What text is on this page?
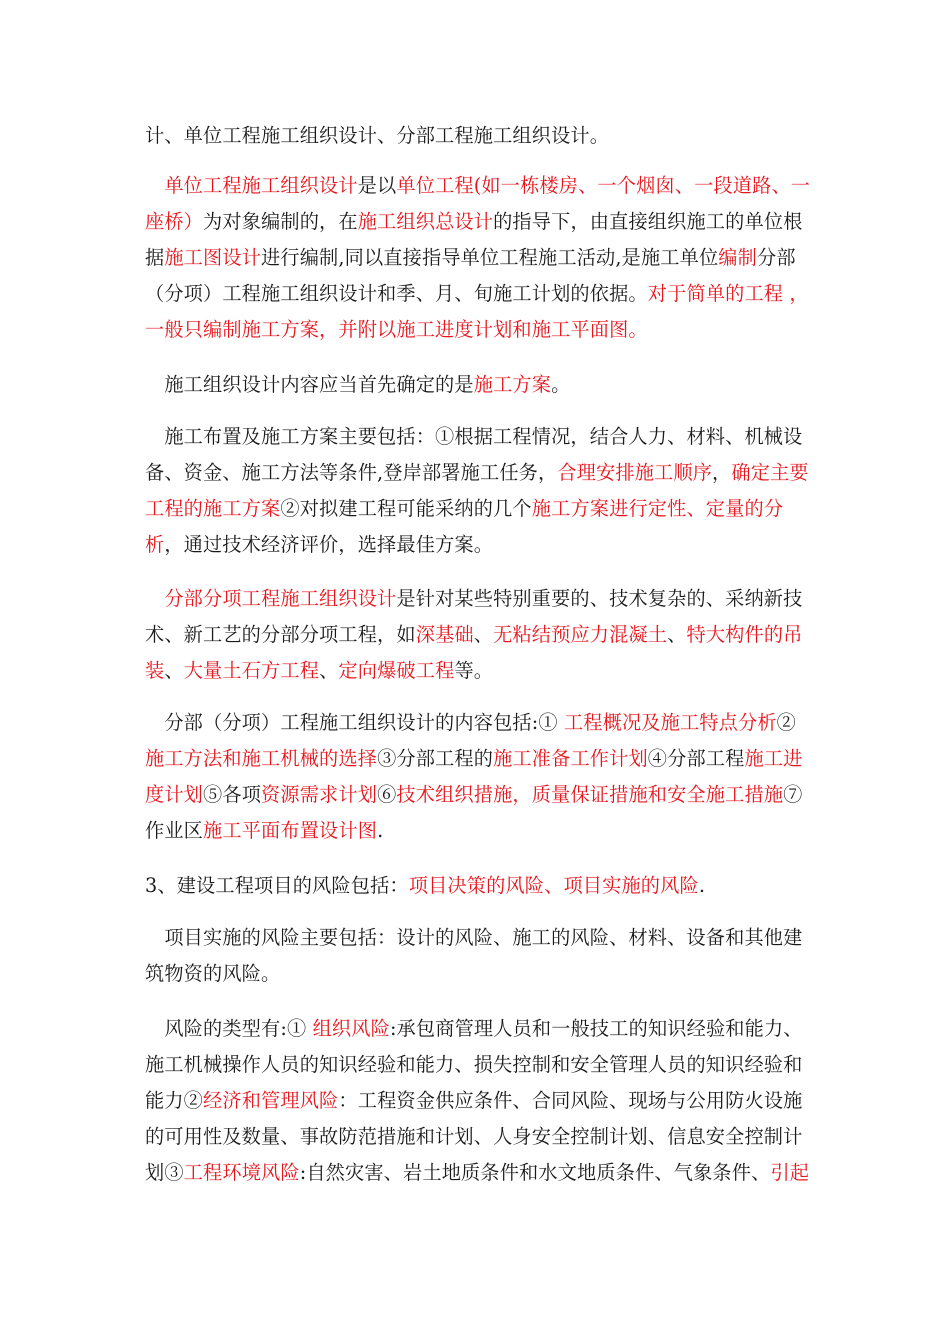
计、单位工程施工组织设计、分部工程施工组织设计。

　单位工程施工组织设计是以单位工程(如一栋楼房、一个烟囱、一段道路、一座桥）为对象编制的，在施工组织总设计的指导下，由直接组织施工的单位根据施工图设计进行编制,同以直接指导单位工程施工活动,是施工单位编制分部（分项）工程施工组织设计和季、月、旬施工计划的依据。对于简单的工程 ，一般只编制施工方案，并附以施工进度计划和施工平面图。

　施工组织设计内容应当首先确定的是施工方案。

　施工布置及施工方案主要包括：①根据工程情况，结合人力、材料、机械设备、资金、施工方法等条件,登岸部署施工任务，合理安排施工顺序，确定主要工程的施工方案②对拟建工程可能采纳的几个施工方案进行定性、定量的分析，通过技术经济评价，选择最佳方案。

　分部分项工程施工组织设计是针对某些特别重要的、技术复杂的、采纳新技术、新工艺的分部分项工程，如深基础、无粘结预应力混凝土、特大构件的吊装、大量土石方工程、定向爆破工程等。

　分部（分项）工程施工组织设计的内容包括:① 工程概况及施工特点分析②施工方法和施工机械的选择③分部工程的施工准备工作计划④分部工程施工进度计划⑤各项资源需求计划⑥技术组织措施，质量保证措施和安全施工措施⑦作业区施工平面布置设计图.

3、建设工程项目的风险包括：项目决策的风险、项目实施的风险.

　项目实施的风险主要包括：设计的风险、施工的风险、材料、设备和其他建筑物资的风险。

　风险的类型有:① 组织风险:承包商管理人员和一般技工的知识经验和能力、施工机械操作人员的知识经验和能力、损失控制和安全管理人员的知识经验和能力②经济和管理风险：工程资金供应条件、合同风险、现场与公用防火设施的可用性及数量、事故防范措施和计划、人身安全控制计划、信息安全控制计划③工程环境风险:自然灾害、岩土地质条件和水文地质条件、气象条件、引起
